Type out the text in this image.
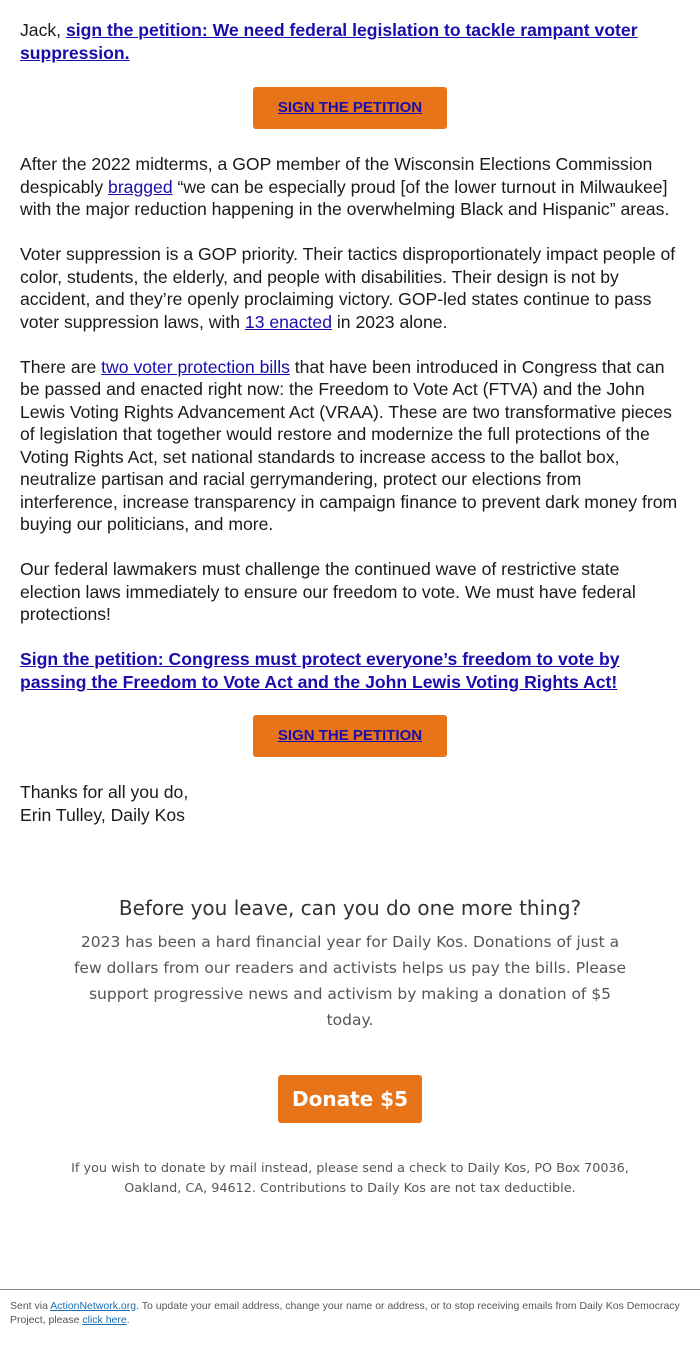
Jack, sign the petition: We need federal legislation to tackle rampant voter suppression.

SIGN THE PETITION

After the 2022 midterms, a GOP member of the Wisconsin Elections Commission despicably bragged “we can be especially proud [of the lower turnout in Milwaukee] with the major reduction happening in the overwhelming Black and Hispanic” areas.

Voter suppression is a GOP priority. Their tactics disproportionately impact people of color, students, the elderly, and people with disabilities. Their design is not by accident, and they’re openly proclaiming victory. GOP-led states continue to pass voter suppression laws, with 13 enacted in 2023 alone.

There are two voter protection bills that have been introduced in Congress that can be passed and enacted right now: the Freedom to Vote Act (FTVA) and the John Lewis Voting Rights Advancement Act (VRAA). These are two transformative pieces of legislation that together would restore and modernize the full protections of the Voting Rights Act, set national standards to increase access to the ballot box, neutralize partisan and racial gerrymandering, protect our elections from interference, increase transparency in campaign finance to prevent dark money from buying our politicians, and more.

Our federal lawmakers must challenge the continued wave of restrictive state election laws immediately to ensure our freedom to vote. We must have federal protections!

Sign the petition: Congress must protect everyone’s freedom to vote by passing the Freedom to Vote Act and the John Lewis Voting Rights Act!

SIGN THE PETITION

Thanks for all you do,
Erin Tulley, Daily Kos

Before you leave, can you do one more thing?
2023 has been a hard financial year for Daily Kos. Donations of just a few dollars from our readers and activists helps us pay the bills. Please support progressive news and activism by making a donation of $5 today.
Donate $5
If you wish to donate by mail instead, please send a check to Daily Kos, PO Box 70036, Oakland, CA, 94612. Contributions to Daily Kos are not tax deductible.
Sent via ActionNetwork.org. To update your email address, change your name or address, or to stop receiving emails from Daily Kos Democracy Project, please click here.
